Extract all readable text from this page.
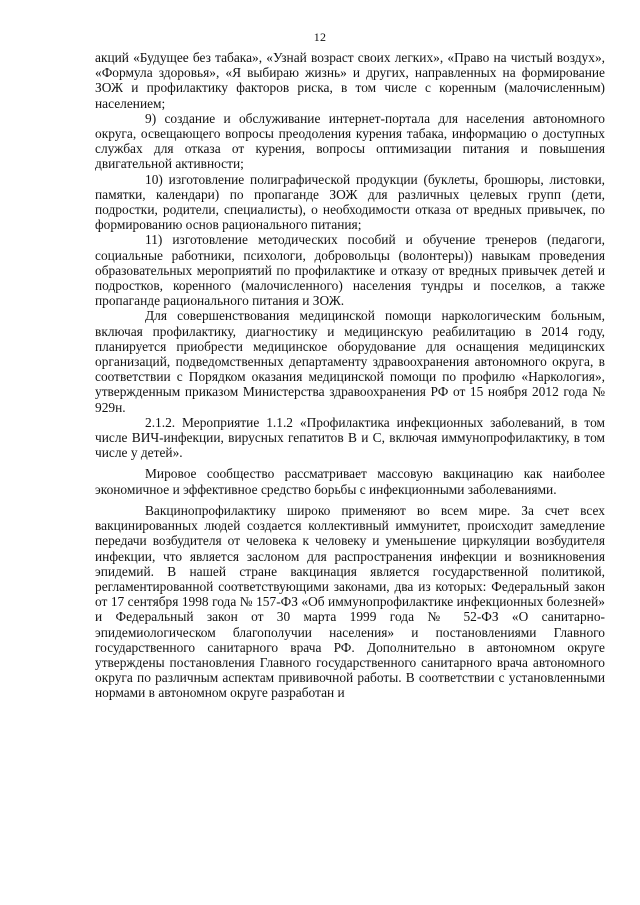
12

акций «Будущее без табака», «Узнай возраст своих легких», «Право на чистый воздух», «Формула здоровья», «Я выбираю жизнь» и других, направленных на формирование ЗОЖ и профилактику факторов риска, в том числе с коренным (малочисленным) населением;

9) создание и обслуживание интернет-портала для населения автономного округа, освещающего вопросы преодоления курения табака, информацию о доступных службах для отказа от курения, вопросы оптимизации питания и повышения двигательной активности;

10) изготовление полиграфической продукции (буклеты, брошюры, листовки, памятки, календари) по пропаганде ЗОЖ для различных целевых групп (дети, подростки, родители, специалисты), о необходимости отказа от вредных привычек, по формированию основ рационального питания;

11) изготовление методических пособий и обучение тренеров (педагоги, социальные работники, психологи, добровольцы (волонтеры)) навыкам проведения образовательных мероприятий по профилактике и отказу от вредных привычек детей и подростков, коренного (малочисленного) населения тундры и поселков, а также пропаганде рационального питания и ЗОЖ.

Для совершенствования медицинской помощи наркологическим больным, включая профилактику, диагностику и медицинскую реабилитацию в 2014 году, планируется приобрести медицинское оборудование для оснащения медицинских организаций, подведомственных департаменту здравоохранения автономного округа, в соответствии с Порядком оказания медицинской помощи по профилю «Наркология», утвержденным приказом Министерства здравоохранения РФ от 15 ноября 2012 года № 929н.

2.1.2. Мероприятие 1.1.2 «Профилактика инфекционных заболеваний, в том числе ВИЧ-инфекции, вирусных гепатитов В и С, включая иммунопрофилактику, в том числе у детей».

Мировое сообщество рассматривает массовую вакцинацию как наиболее экономичное и эффективное средство борьбы с инфекционными заболеваниями.

Вакцинопрофилактику широко применяют во всем мире. За счет всех вакцинированных людей создается коллективный иммунитет, происходит замедление передачи возбудителя от человека к человеку и уменьшение циркуляции возбудителя инфекции, что является заслоном для распространения инфекции и возникновения эпидемий. В нашей стране вакцинация является государственной политикой, регламентированной соответствующими законами, два из которых: Федеральный закон от 17 сентября 1998 года № 157-ФЗ «Об иммунопрофилактике инфекционных болезней» и Федеральный закон от 30 марта 1999 года № 52-ФЗ «О санитарно-эпидемиологическом благополучии населения» и постановлениями Главного государственного санитарного врача РФ. Дополнительно в автономном округе утверждены постановления Главного государственного санитарного врача автономного округа по различным аспектам прививочной работы. В соответствии с установленными нормами в автономном округе разработан и
